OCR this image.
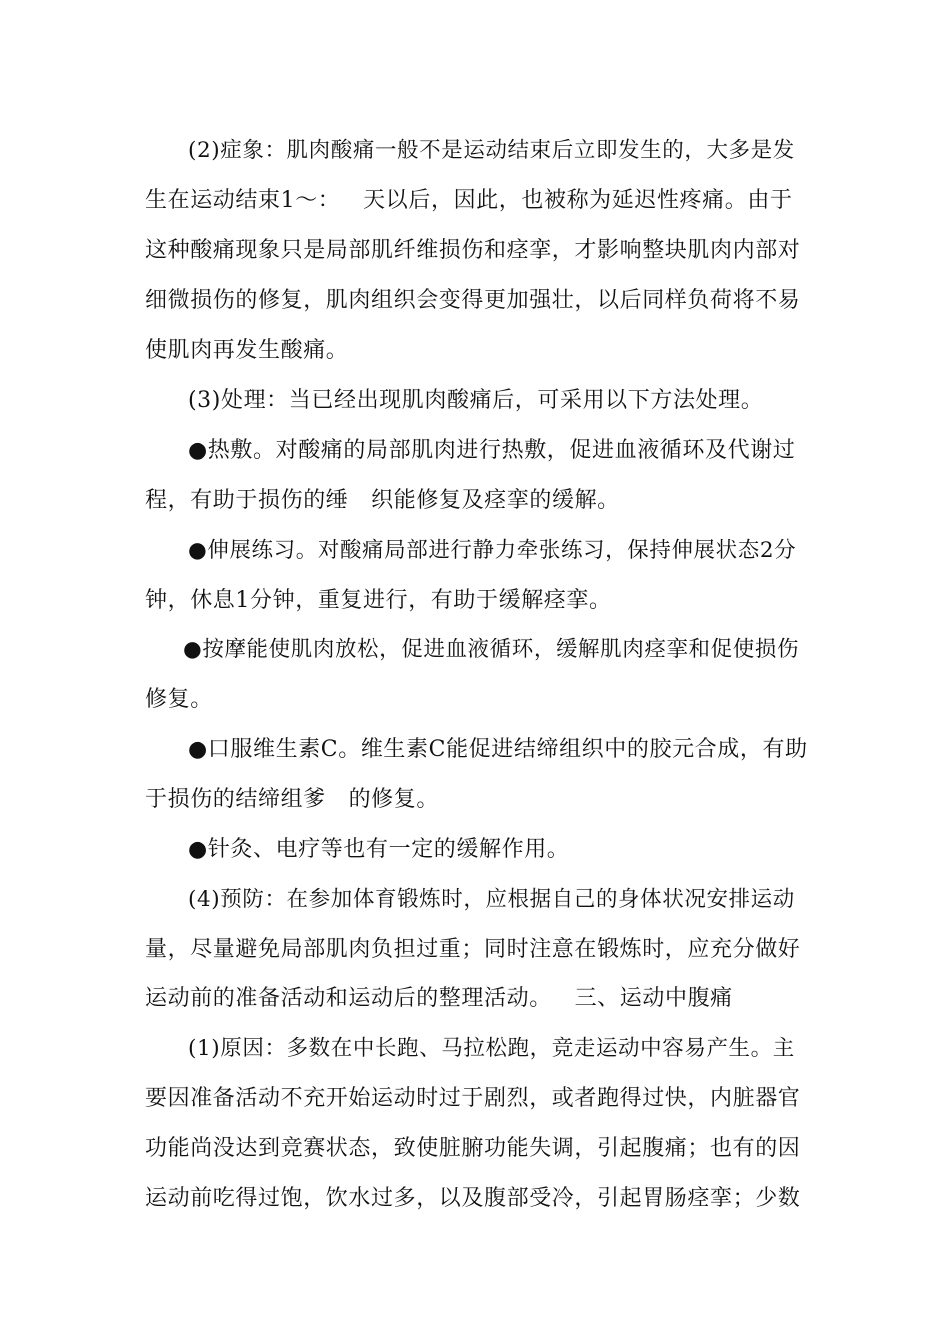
(2)症象：肌肉酸痛一般不是运动结束后立即发生的，大多是发
生在运动结束1～：   天以后，因此，也被称为延迟性疼痛。由于
这种酸痛现象只是局部肌纤维损伤和痉挛，才影响整块肌肉内部对
细微损伤的修复，肌肉组织会变得更加强壮，以后同样负荷将不易
使肌肉再发生酸痛。
(3)处理：当已经出现肌肉酸痛后，可采用以下方法处理。
●热敷。对酸痛的局部肌肉进行热敷，促进血液循环及代谢过
程，有助于损伤的缍   织能修复及痉挛的缓解。
●伸展练习。对酸痛局部进行静力牵张练习，保持伸展状态2分
钟，休息1分钟，重复进行，有助于缓解痉挛。
●按摩能使肌肉放松，促进血液循环，缓解肌肉痉挛和促使损伤
修复。
●口服维生素C。维生素C能促进结缔组织中的胶元合成，有助
于损伤的结缔组爹   的修复。
●针灸、电疗等也有一定的缓解作用。
(4)预防：在参加体育锻炼时，应根据自己的身体状况安排运动
量，尽量避免局部肌肉负担过重；同时注意在锻炼时，应充分做好
运动前的准备活动和运动后的整理活动。   三、运动中腹痛
(1)原因：多数在中长跑、马拉松跑，竞走运动中容易产生。主
要因准备活动不充开始运动时过于剧烈，或者跑得过快，内脏器官
功能尚没达到竞赛状态，致使脏腑功能失调，引起腹痛；也有的因
运动前吃得过饱，饮水过多，以及腹部受冷，引起胃肠痉挛；少数
